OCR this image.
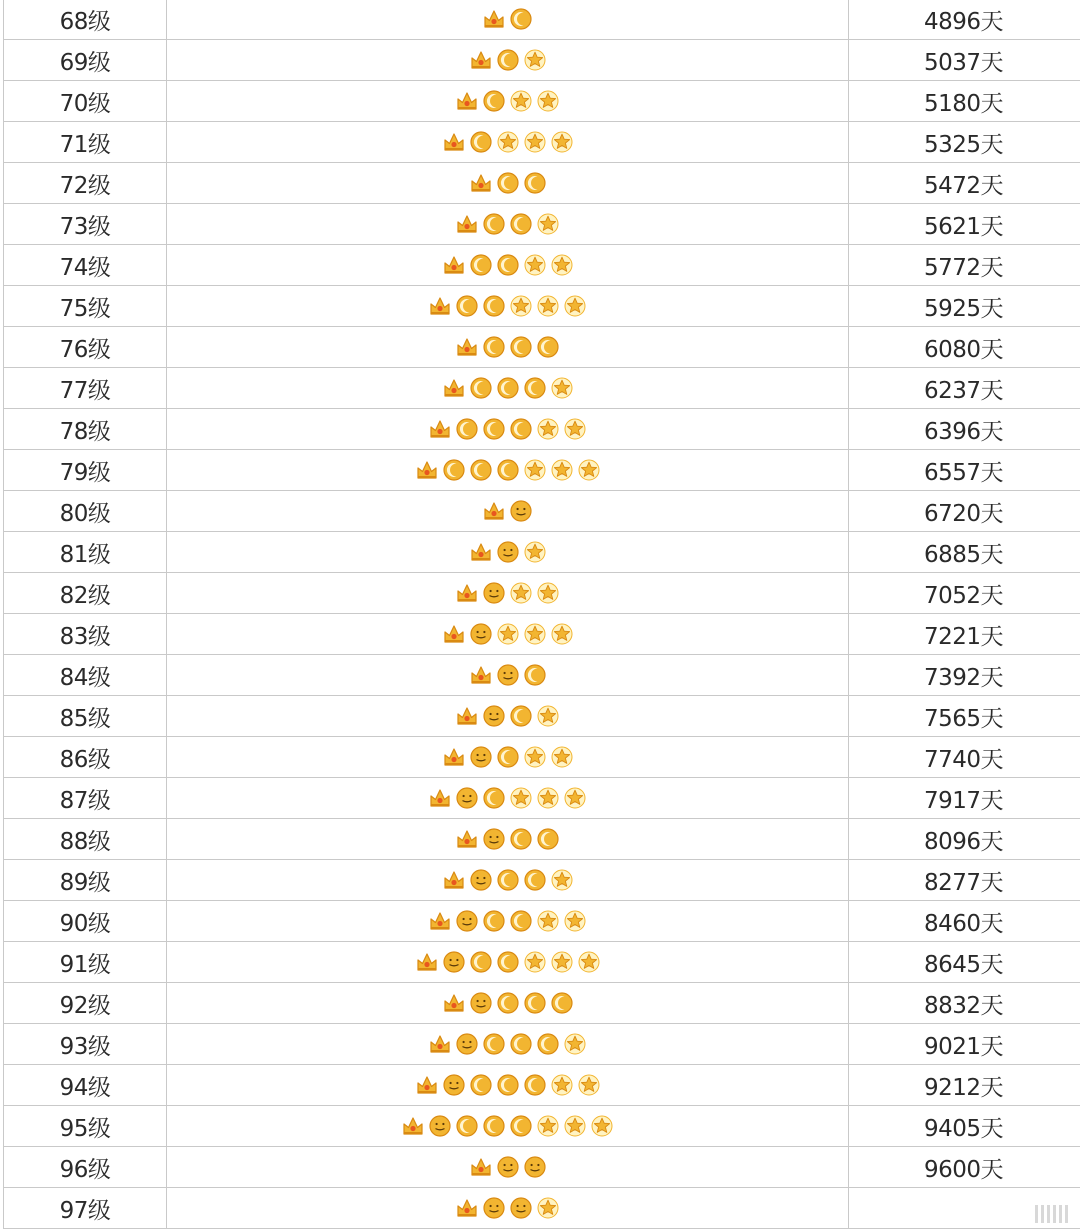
68级	4896天
69级	5037天
70级	5180天
71级	5325天
72级	5472天
73级	5621天
74级	5772天
75级	5925天
76级	6080天
77级	6237天
78级	6396天
79级	6557天
80级	6720天
81级	6885天
82级	7052天
83级	7221天
84级	7392天
85级	7565天
86级	7740天
87级	7917天
88级	8096天
89级	8277天
90级	8460天
91级	8645天
92级	8832天
93级	9021天
94级	9212天
95级	9405天
96级	9600天
97级
